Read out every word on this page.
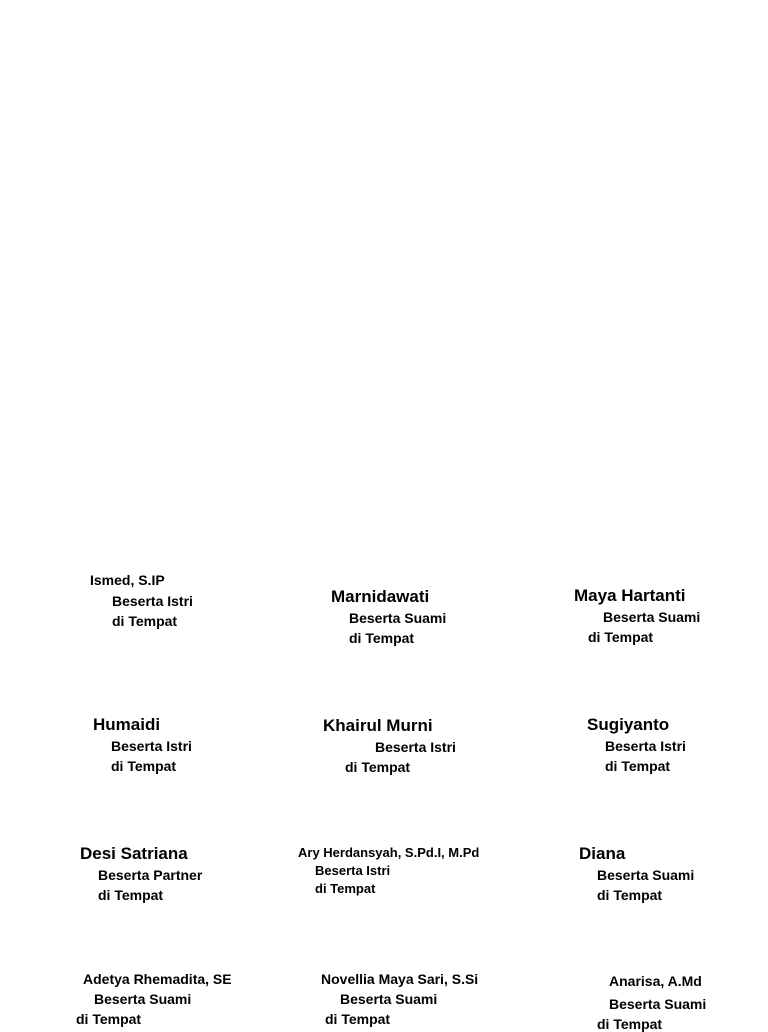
Ismed, S.IP
Beserta Istri
di Tempat
Marnidawati
Beserta Suami
di Tempat
Maya Hartanti
Beserta Suami
di Tempat
Humaidi
Beserta Istri
di Tempat
Khairul Murni
Beserta Istri
di Tempat
Sugiyanto
Beserta Istri
di Tempat
Desi Satriana
Beserta Partner
di Tempat
Ary Herdansyah, S.Pd.I, M.Pd
Beserta Istri
di Tempat
Diana
Beserta Suami
di Tempat
Adetya Rhemadita, SE
Beserta Suami
di Tempat
Novellia Maya Sari, S.Si
Beserta Suami
di Tempat
Anarisa, A.Md
Beserta Suami
di Tempat
